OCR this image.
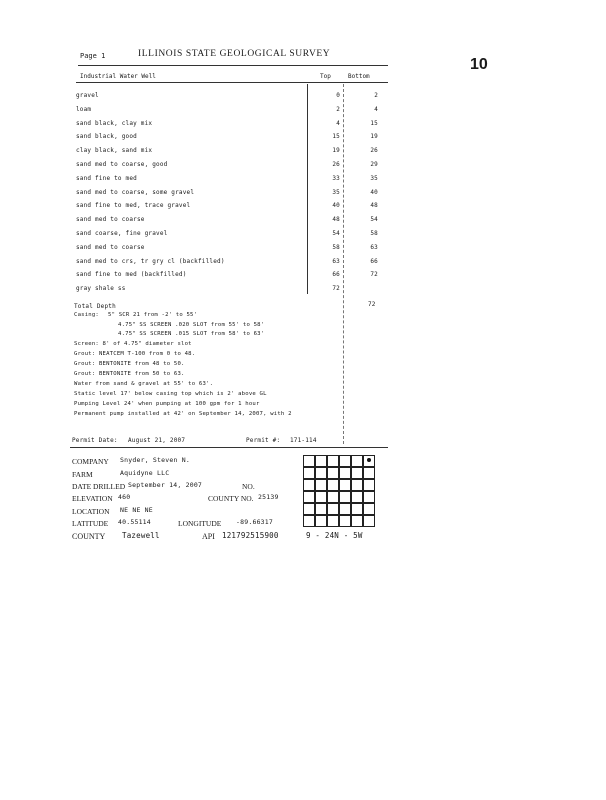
Page 1	ILLINOIS STATE GEOLOGICAL SURVEY
10
Industrial Water Well	Top	Bottom
gravel	0	2
loam	2	4
sand black, clay mix	4	15
sand black, good	15	19
clay black, sand mix	19	26
sand med to coarse, good	26	29
sand fine to med	33	35
sand med to coarse, some gravel	35	40
sand fine to med, trace gravel	40	48
sand med to coarse	48	54
sand coarse, fine gravel	54	58
sand med to coarse	58	63
sand med to crs, tr gry cl (backfilled)	63	66
sand fine to med (backfilled)	66	72
gray shale ss	72
Total Depth	72
Casing: 5" SCR 21 from -2' to 55'
4.75" SS SCREEN .020 SLOT from 55' to 58'
4.75" SS SCREEN .015 SLOT from 58' to 63'
Screen: 8' of 4.75" diameter slot
Grout: NEATCEM T-100 from 0 to 48.
Grout: BENTONITE from 48 to 50.
Grout: BENTONITE from 50 to 63.
Water from sand & gravel at 55' to 63'.
Static level 17' below casing top which is 2' above GL
Pumping Level 24' when pumping at 100 gpm for 1 hour
Permanent pump installed at 42' on September 14, 2007, with 2
Permit Date: August 21, 2007	Permit #: 171-114
COMPANY Snyder, Steven N.
FARM	Aquidyne LLC
DATE DRILLED September 14, 2007	NO.
ELEVATION 460	COUNTY NO. 25139
LOCATION NE NE NE
LATITUDE 40.55114	LONGITUDE -89.66317
COUNTY Tazewell	API 121792515900	9 - 24N - 5W
